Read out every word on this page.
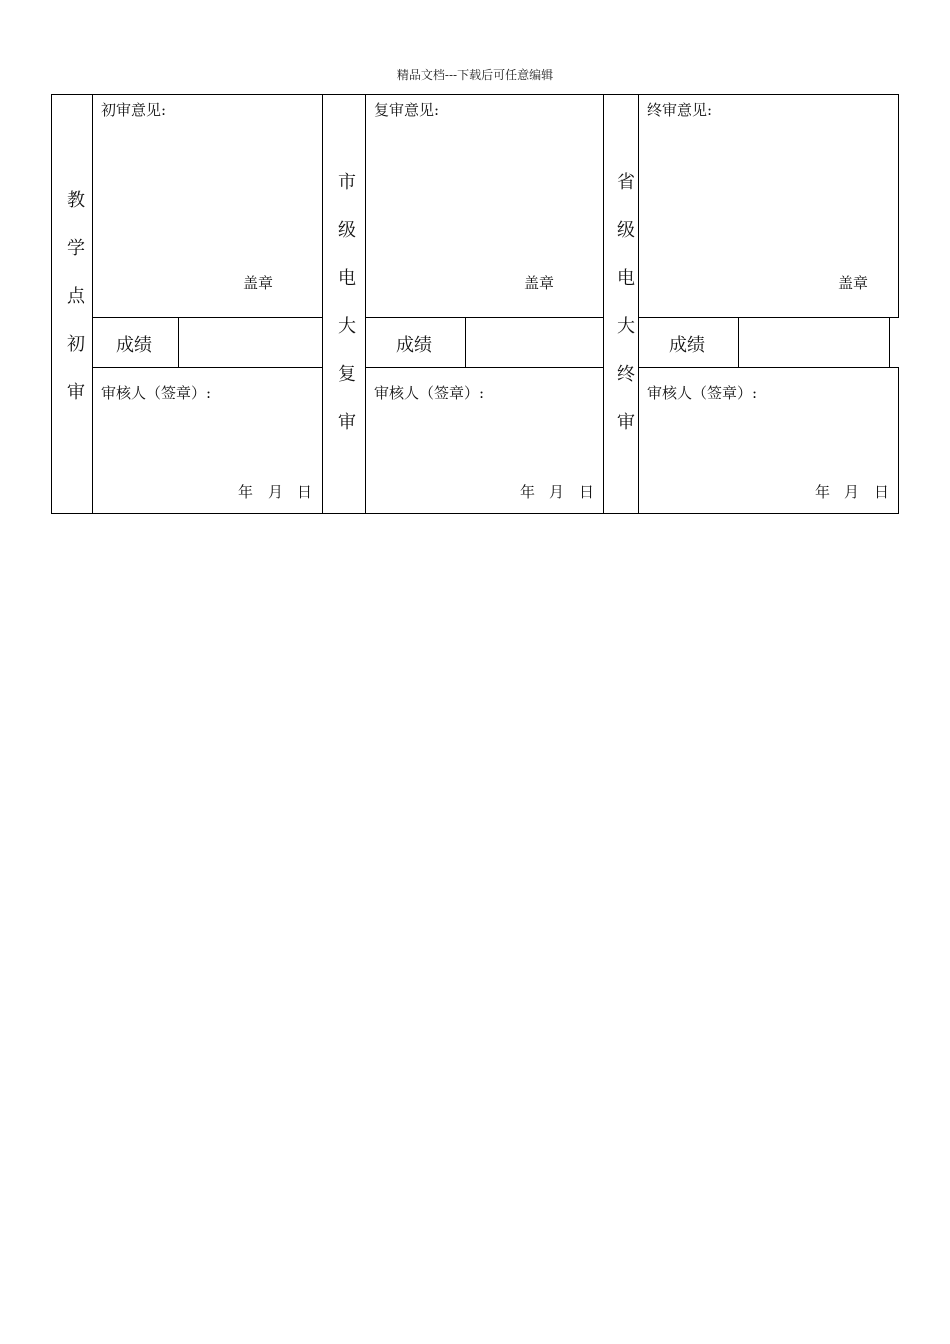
精品文档---下载后可任意编辑
教学点初审	市级电大复审	省级电大终审
初审意见:
盖章
成绩
审核人（签章）:
年 月 日
复审意见:
盖章
成绩
审核人（签章）:
年 月 日
终审意见:
盖章
成绩
审核人（签章）:
年 月 日
